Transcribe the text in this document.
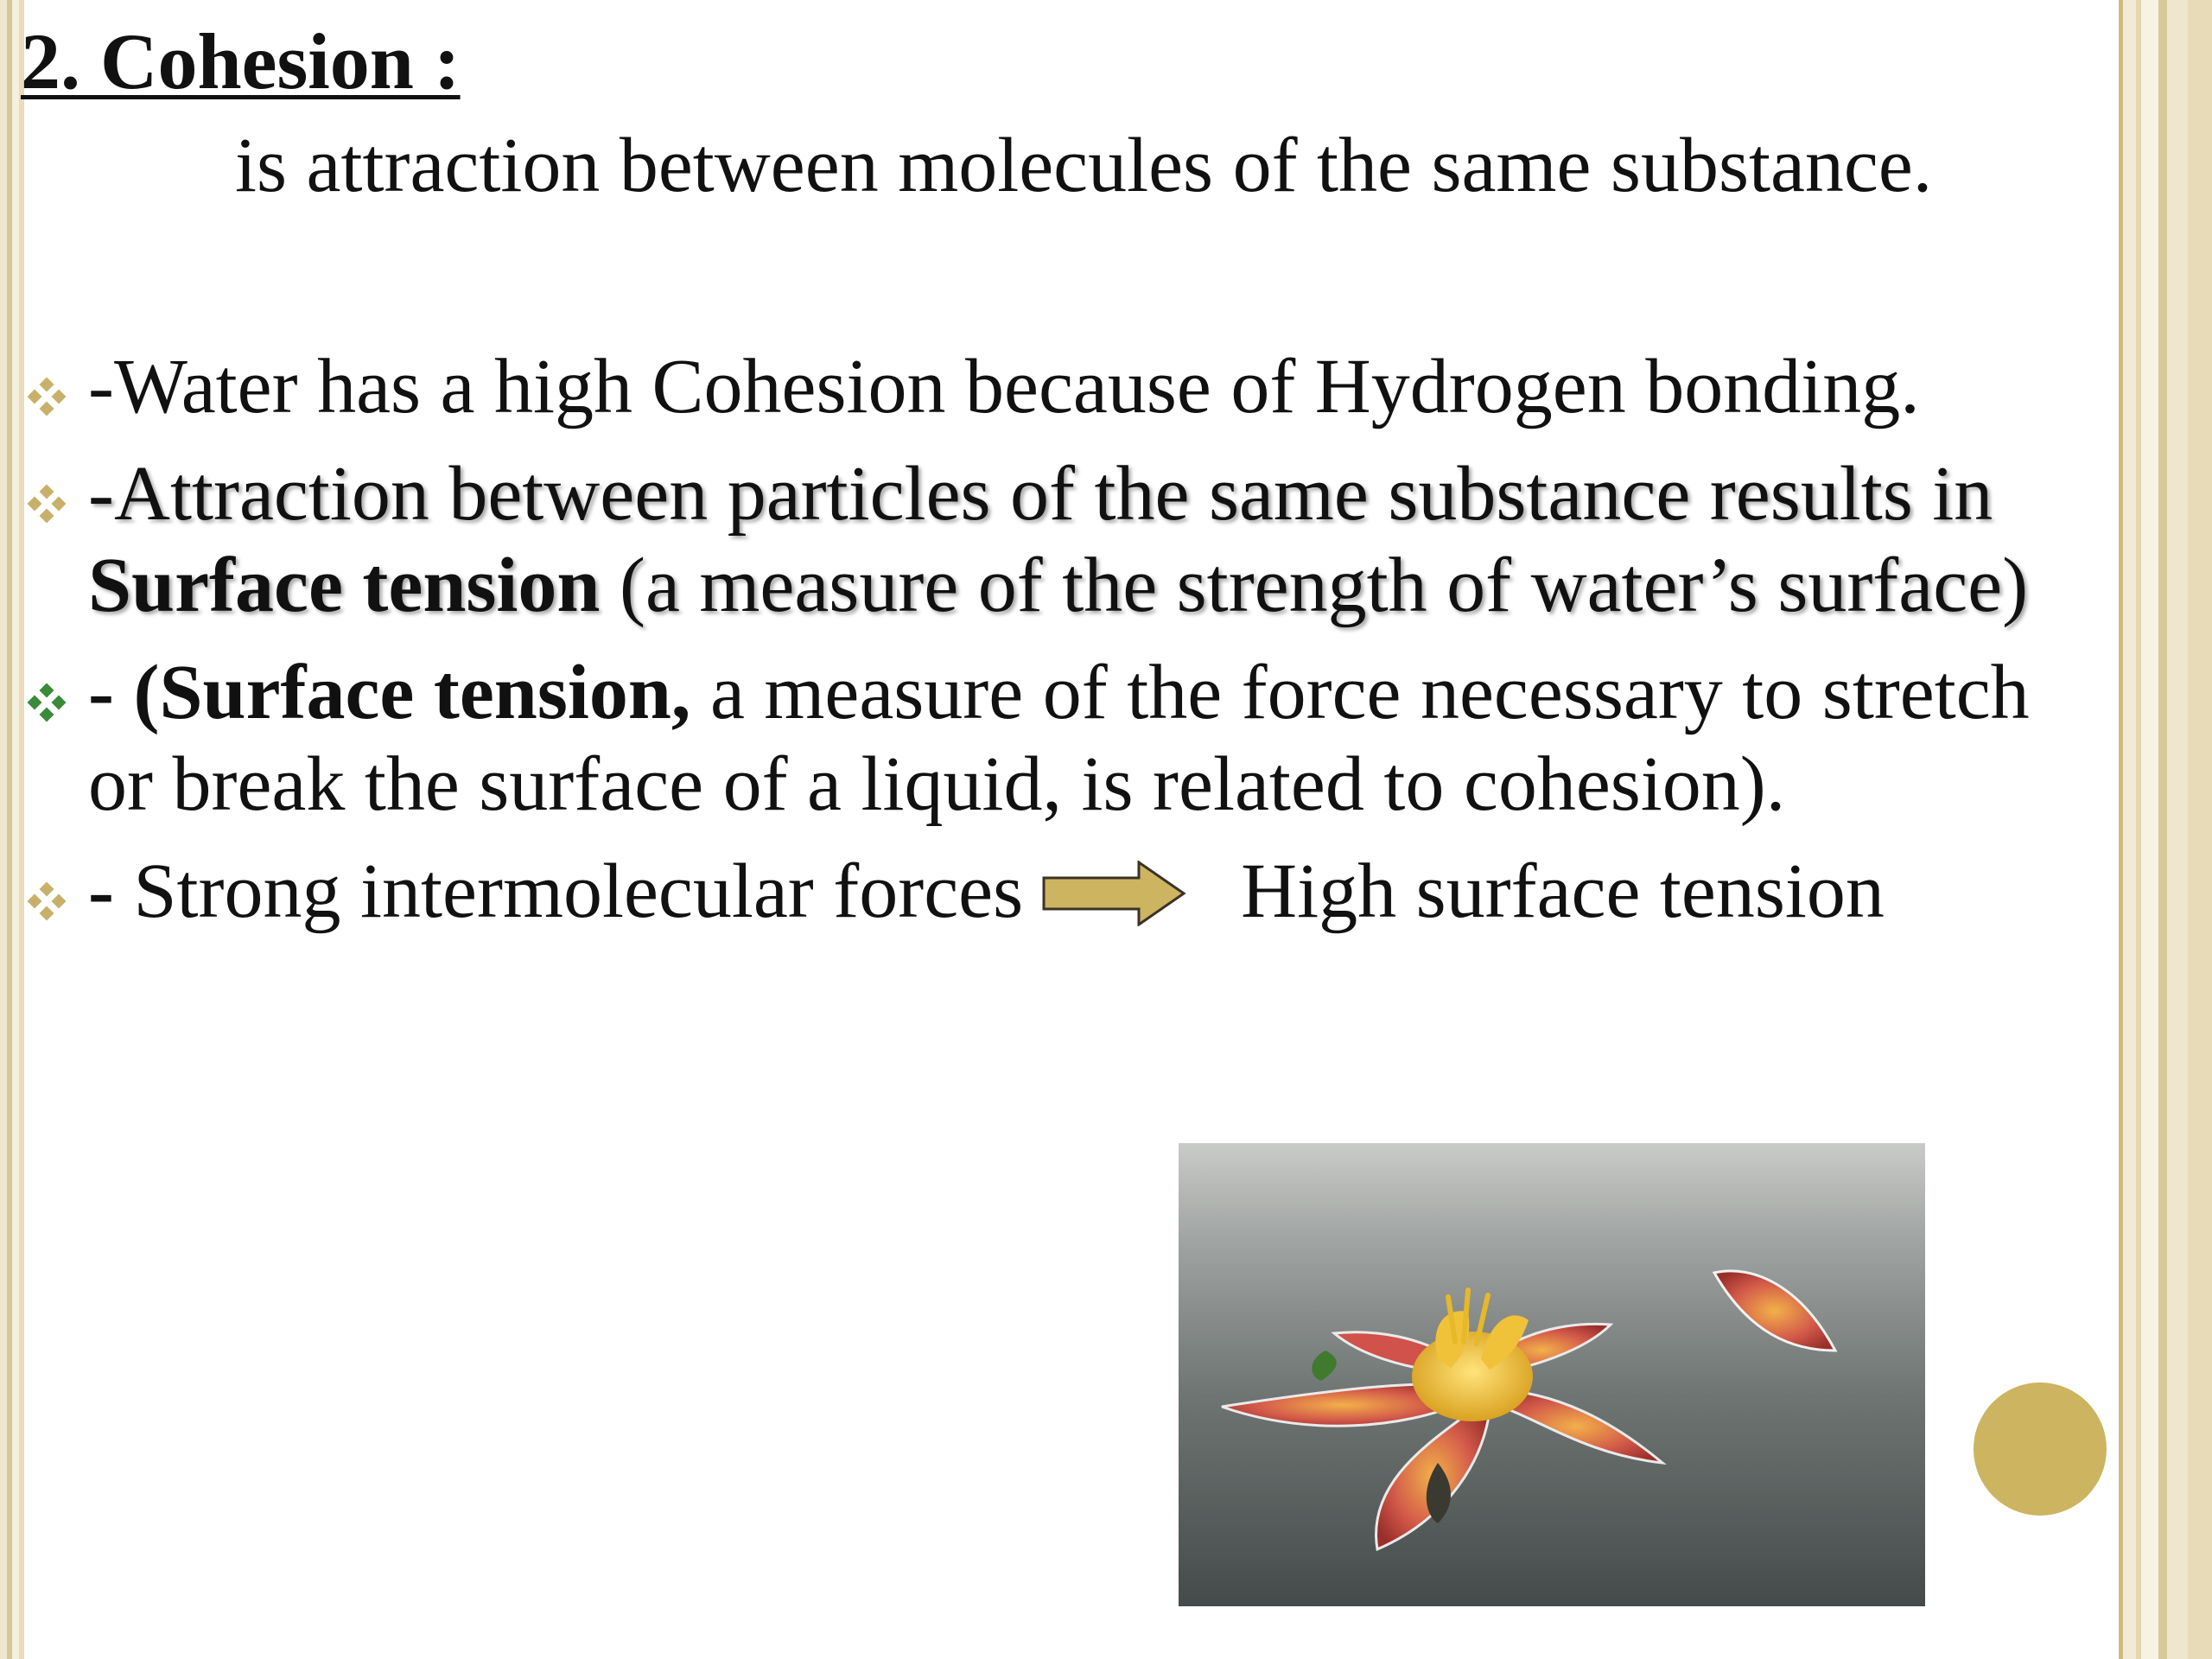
2. Cohesion :

is attraction between molecules of the same substance.

-Water has a high Cohesion because of Hydrogen bonding.
-Attraction between particles of the same substance results in Surface tension (a measure of the strength of water’s surface)
- (Surface tension, a measure of the force necessary to stretch or break the surface of a liquid, is related to cohesion).
- Strong intermolecular forces	High surface tension
